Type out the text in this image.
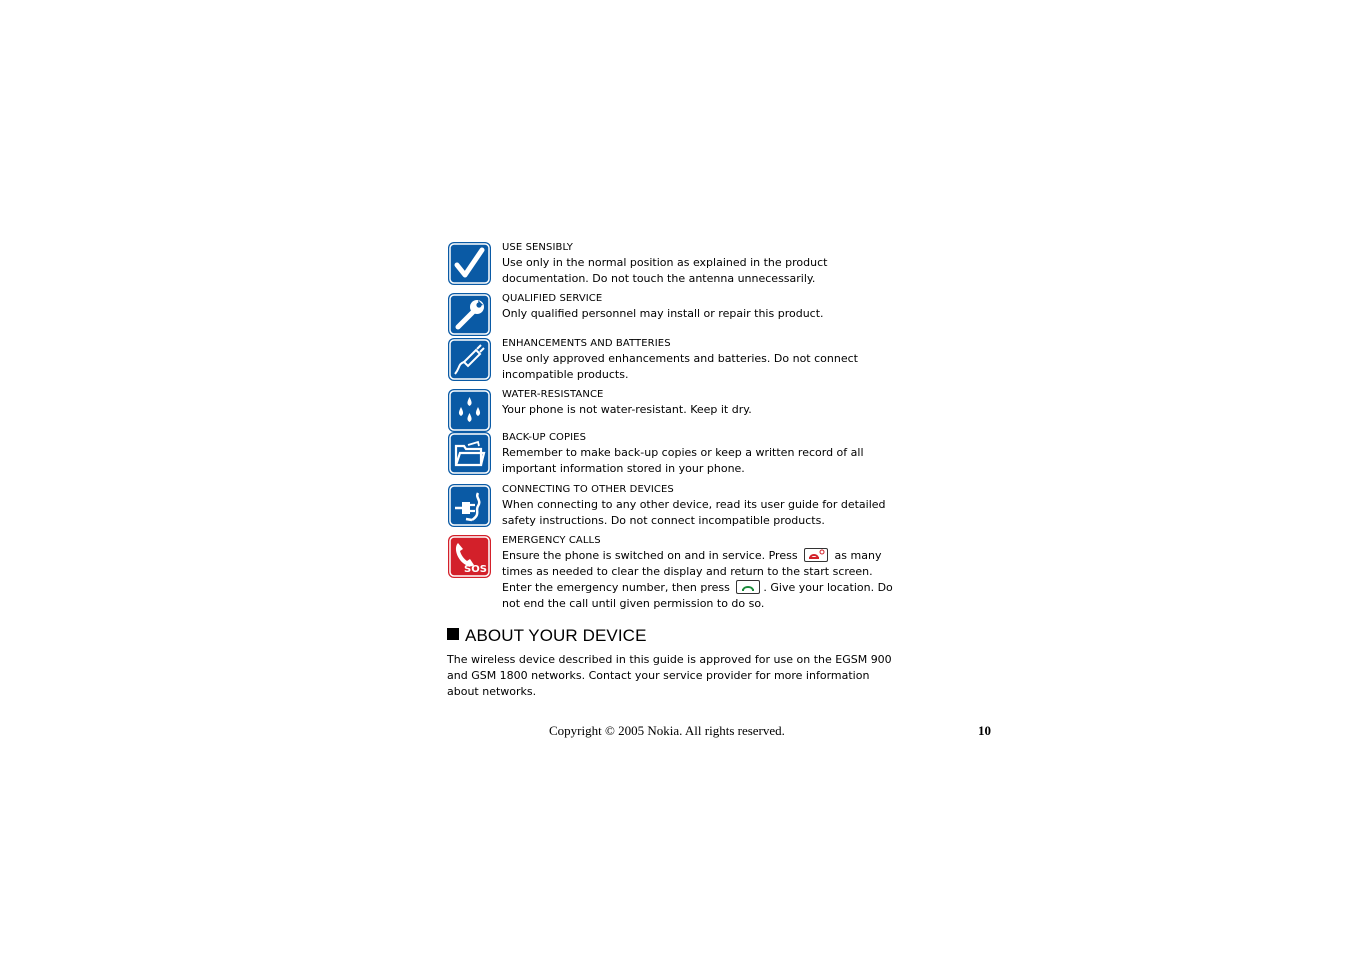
USE SENSIBLY
Use only in the normal position as explained in the product documentation. Do not touch the antenna unnecessarily.
QUALIFIED SERVICE
Only qualified personnel may install or repair this product.
ENHANCEMENTS AND BATTERIES
Use only approved enhancements and batteries. Do not connect incompatible products.
WATER-RESISTANCE
Your phone is not water-resistant. Keep it dry.
BACK-UP COPIES
Remember to make back-up copies or keep a written record of all important information stored in your phone.
CONNECTING TO OTHER DEVICES
When connecting to any other device, read its user guide for detailed safety instructions. Do not connect incompatible products.
SOS
EMERGENCY CALLS
Ensure the phone is switched on and in service. Press	as many times as needed to clear the display and return to the start screen. Enter the emergency number, then press	. Give your location. Do not end the call until given permission to do so.
ABOUT YOUR DEVICE
The wireless device described in this guide is approved for use on the EGSM 900 and GSM 1800 networks. Contact your service provider for more information about networks.
Copyright © 2005 Nokia. All rights reserved.	10
